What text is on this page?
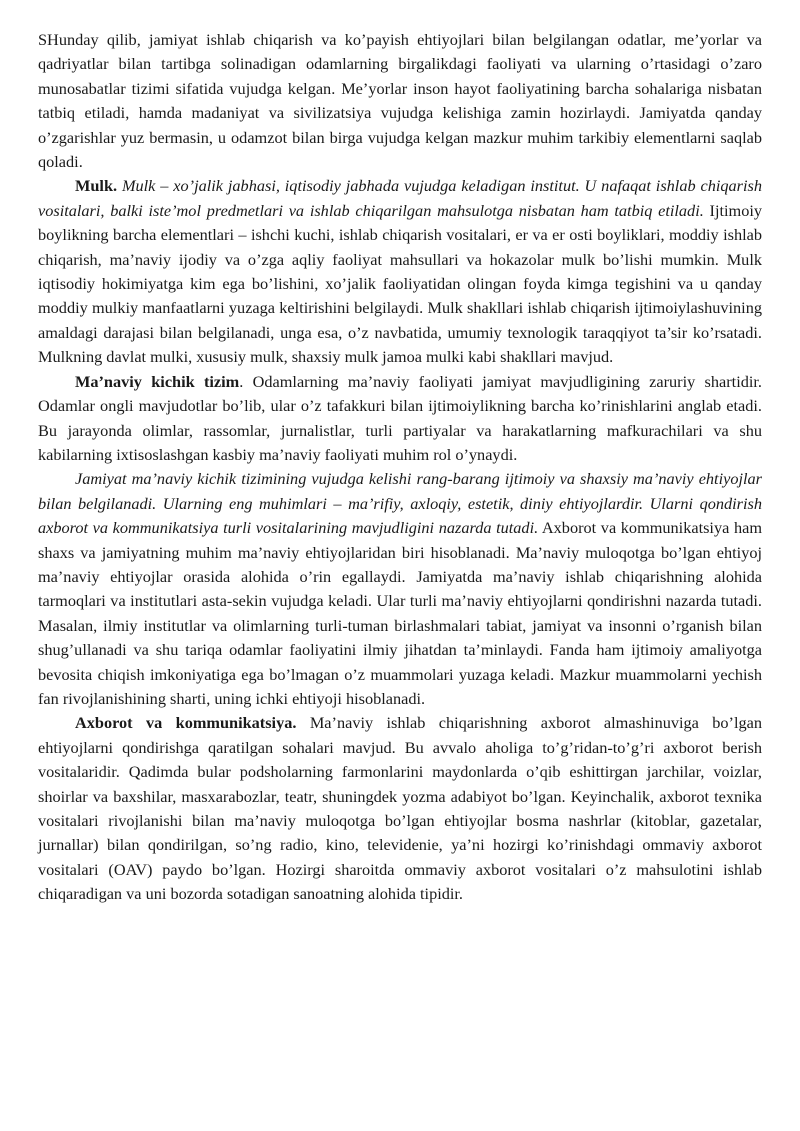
SHunday qilib, jamiyat ishlab chiqarish va ko’payish ehtiyojlari bilan belgilangan odatlar, me’yorlar va qadriyatlar bilan tartibga solinadigan odamlarning birgalikdagi faoliyati va ularning o’rtasidagi o’zaro munosabatlar tizimi sifatida vujudga kelgan. Me’yorlar inson hayot faoliyatining barcha sohalariga nisbatan tatbiq etiladi, hamda madaniyat va sivilizatsiya vujudga kelishiga zamin hozirlaydi. Jamiyatda qanday o’zgarishlar yuz bermasin, u odamzot bilan birga vujudga kelgan mazkur muhim tarkibiy elementlarni saqlab qoladi.

Mulk. Mulk – xo’jalik jabhasi, iqtisodiy jabhada vujudga keladigan institut. U nafaqat ishlab chiqarish vositalari, balki iste’mol predmetlari va ishlab chiqarilgan mahsulotga nisbatan ham tatbiq etiladi. Ijtimoiy boylikning barcha elementlari – ishchi kuchi, ishlab chiqarish vositalari, er va er osti boyliklari, moddiy ishlab chiqarish, ma’naviy ijodiy va o’zga aqliy faoliyat mahsullari va hokazolar mulk bo’lishi mumkin. Mulk iqtisodiy hokimiyatga kim ega bo’lishini, xo’jalik faoliyatidan olingan foyda kimga tegishini va u qanday moddiy mulkiy manfaatlarni yuzaga keltirishini belgilaydi. Mulk shakllari ishlab chiqarish ijtimoiylashuvining amaldagi darajasi bilan belgilanadi, unga esa, o’z navbatida, umumiy texnologik taraqqiyot ta’sir ko’rsatadi. Mulkning davlat mulki, xususiy mulk, shaxsiy mulk jamoa mulki kabi shakllari mavjud.

Ma’naviy kichik tizim. Odamlarning ma’naviy faoliyati jamiyat mavjudligining zaruriy shartidir. Odamlar ongli mavjudotlar bo’lib, ular o’z tafakkuri bilan ijtimoiylikning barcha ko’rinishlarini anglab etadi. Bu jarayonda olimlar, rassomlar, jurnalistlar, turli partiyalar va harakatlarning mafkurachilari va shu kabilarning ixtisoslashgan kasbiy ma’naviy faoliyati muhim rol o’ynaydi.

Jamiyat ma’naviy kichik tizimining vujudga kelishi rang-barang ijtimoiy va shaxsiy ma’naviy ehtiyojlar bilan belgilanadi. Ularning eng muhimlari – ma’rifiy, axloqiy, estetik, diniy ehtiyojlardir. Ularni qondirish axborot va kommunikatsiya turli vositalarining mavjudligini nazarda tutadi. Axborot va kommunikatsiya ham shaxs va jamiyatning muhim ma’naviy ehtiyojlaridan biri hisoblanadi. Ma’naviy muloqotga bo’lgan ehtiyoj ma’naviy ehtiyojlar orasida alohida o’rin egallaydi. Jamiyatda ma’naviy ishlab chiqarishning alohida tarmoqlari va institutlari asta-sekin vujudga keladi. Ular turli ma’naviy ehtiyojlarni qondirishni nazarda tutadi. Masalan, ilmiy institutlar va olimlarning turli-tuman birlashmalari tabiat, jamiyat va insonni o’rganish bilan shug’ullanadi va shu tariqa odamlar faoliyatini ilmiy jihatdan ta’minlaydi. Fanda ham ijtimoiy amaliyotga bevosita chiqish imkoniyatiga ega bo’lmagan o’z muammolari yuzaga keladi. Mazkur muammolarni yechish fan rivojlanishining sharti, uning ichki ehtiyoji hisoblanadi.

Axborot va kommunikatsiya. Ma’naviy ishlab chiqarishning axborot almashinuviga bo’lgan ehtiyojlarni qondirishga qaratilgan sohalari mavjud. Bu avvalo aholiga to’g’ridan-to’g’ri axborot berish vositalaridir. Qadimda bular podsholarning farmonlarini maydonlarda o’qib eshittirgan jarchilar, voizlar, shoirlar va baxshilar, masxarabozlar, teatr, shuningdek yozma adabiyot bo’lgan. Keyinchalik, axborot texnika vositalari rivojlanishi bilan ma’naviy muloqotga bo’lgan ehtiyojlar bosma nashrlar (kitoblar, gazetalar, jurnallar) bilan qondirilgan, so’ng radio, kino, televidenie, ya’ni hozirgi ko’rinishdagi ommaviy axborot vositalari (OAV) paydo bo’lgan. Hozirgi sharoitda ommaviy axborot vositalari o’z mahsulotini ishlab chiqaradigan va uni bozorda sotadigan sanoatning alohida tipidir.
